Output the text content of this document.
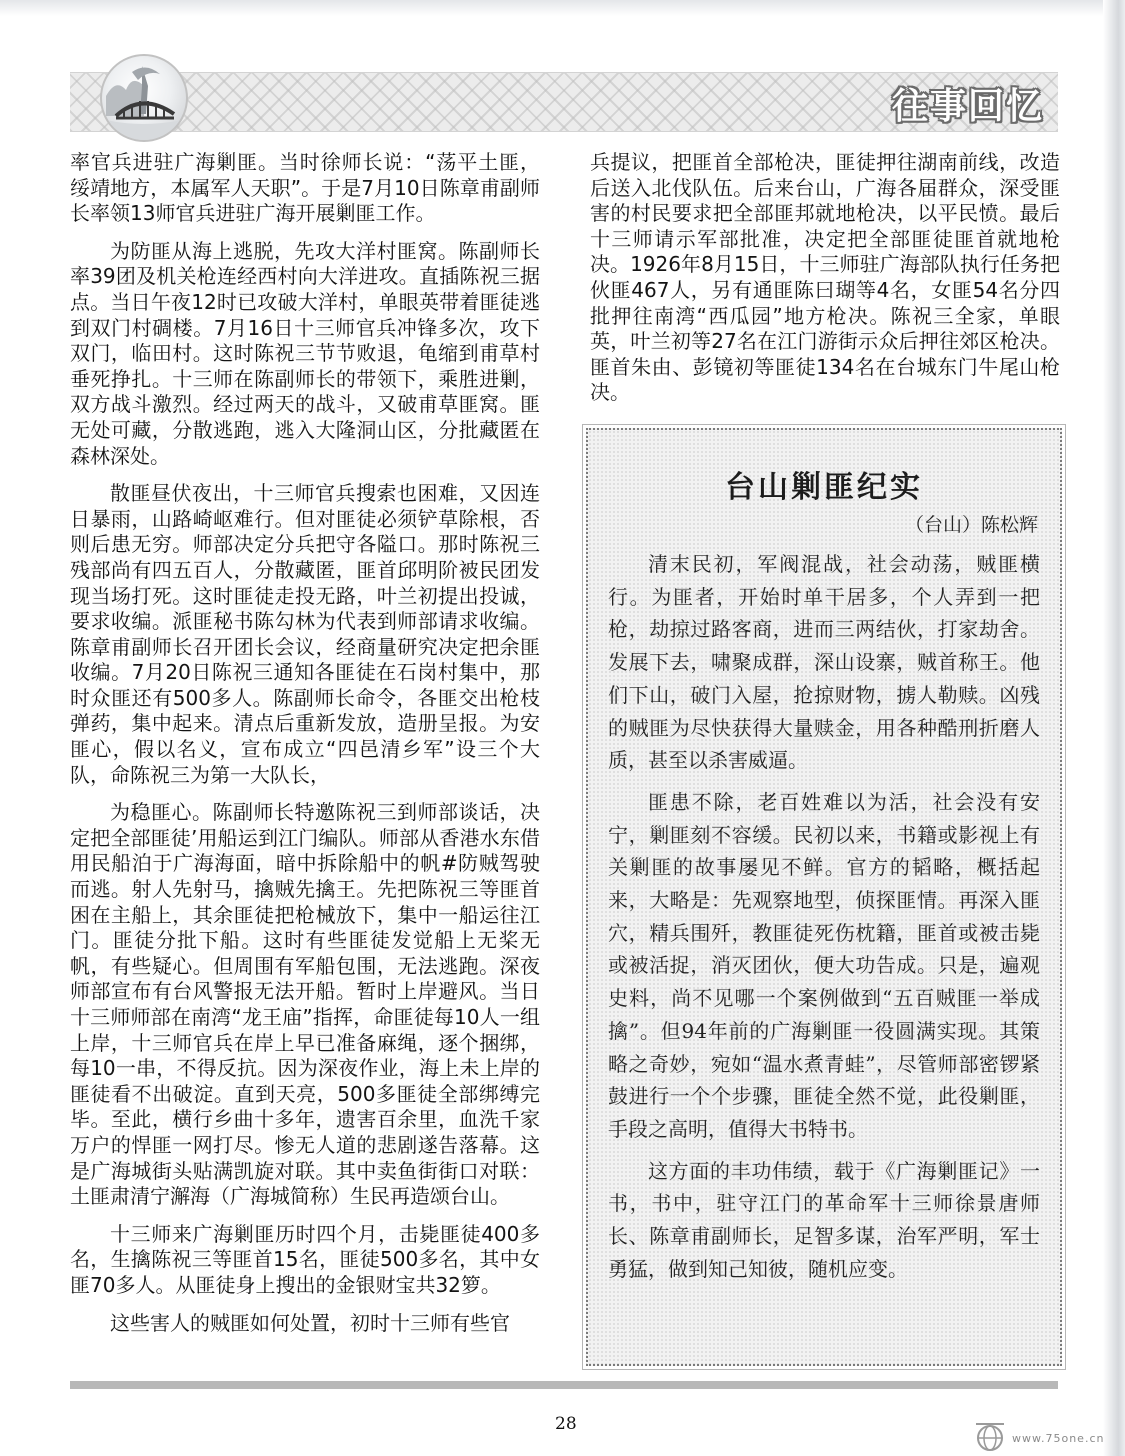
往事回忆

率官兵进驻广海剿匪。当时徐师长说：“荡平土匪，绥靖地方，本属军人天职”。于是7月10日陈章甫副师长率领13师官兵进驻广海开展剿匪工作。

为防匪从海上逃脱，先攻大洋村匪窝。陈副师长率39团及机关枪连经西村向大洋进攻。直插陈祝三据点。当日午夜12时已攻破大洋村，单眼英带着匪徒逃到双门村碉楼。7月16日十三师官兵冲锋多次，攻下双门，临田村。这时陈祝三节节败退，龟缩到甫草村垂死挣扎。十三师在陈副师长的带领下，乘胜进剿，双方战斗激烈。经过两天的战斗，又破甫草匪窝。匪无处可藏，分散逃跑，逃入大隆洞山区，分批藏匿在森林深处。

散匪昼伏夜出，十三师官兵搜索也困难，又因连日暴雨，山路崎岖难行。但对匪徒必须铲草除根，否则后患无穷。师部决定分兵把守各隘口。那时陈祝三残部尚有四五百人，分散藏匿，匪首邱明阶被民团发现当场打死。这时匪徒走投无路，叶兰初提出投诚，要求收编。派匪秘书陈勾林为代表到师部请求收编。陈章甫副师长召开团长会议，经商量研究决定把余匪收编。7月20日陈祝三通知各匪徒在石岗村集中，那时众匪还有500多人。陈副师长命令，各匪交出枪枝弹药，集中起来。清点后重新发放，造册呈报。为安匪心，假以名义，宣布成立“四邑清乡军”设三个大队，命陈祝三为第一大队长，

为稳匪心。陈副师长特邀陈祝三到师部谈话，决定把全部匪徒’用船运到江门编队。师部从香港水东借用民船泊于广海海面，暗中拆除船中的帆#防贼驾驶而逃。射人先射马，擒贼先擒王。先把陈祝三等匪首困在主船上，其余匪徒把枪械放下，集中一船运往江门。匪徒分批下船。这时有些匪徒发觉船上无桨无帆，有些疑心。但周围有军船包围，无法逃跑。深夜师部宣布有台风警报无法开船。暂时上岸避风。当日十三师师部在南湾“龙王庙”指挥，命匪徒每10人一组上岸，十三师官兵在岸上早已准备麻绳，逐个捆绑，每10一串，不得反抗。因为深夜作业，海上未上岸的匪徒看不出破淀。直到天亮，500多匪徒全部绑缚完毕。至此，横行乡曲十多年，遗害百余里，血洗千家万户的悍匪一网打尽。惨无人道的悲剧遂告落幕。这是广海城街头贴满凯旋对联。其中卖鱼街街口对联：土匪肃清宁澥海（广海城简称）生民再造颂台山。

十三师来广海剿匪历时四个月，击毙匪徒400多名，生擒陈祝三等匪首15名，匪徒500多名，其中女匪70多人。从匪徒身上搜出的金银财宝共32箩。

这些害人的贼匪如何处置，初时十三师有些官

兵提议，把匪首全部枪决，匪徒押往湖南前线，改造后送入北伐队伍。后来台山，广海各届群众，深受匪害的村民要求把全部匪邦就地枪决，以平民愤。最后十三师请示军部批准，决定把全部匪徒匪首就地枪决。1926年8月15日，十三师驻广海部队执行任务把伙匪467人，另有通匪陈曰瑚等4名，女匪54名分四批押往南湾“西瓜园”地方枪决。陈祝三全家，单眼英，叶兰初等27名在江门游街示众后押往郊区枪决。匪首朱由、彭镜初等匪徒134名在台城东门牛尾山枪决。

台山剿匪纪实
（台山）陈松辉

清末民初，军阀混战，社会动荡，贼匪横行。为匪者，开始时单干居多，个人弄到一把枪，劫掠过路客商，进而三两结伙，打家劫舍。发展下去，啸聚成群，深山设寨，贼首称王。他们下山，破门入屋，抢掠财物，掳人勒赎。凶残的贼匪为尽快获得大量赎金，用各种酷刑折磨人质，甚至以杀害威逼。

匪患不除，老百姓难以为活，社会没有安宁，剿匪刻不容缓。民初以来，书籍或影视上有关剿匪的故事屡见不鲜。官方的韬略，概括起来，大略是：先观察地型，侦探匪情。再深入匪穴，精兵围歼，教匪徒死伤枕籍，匪首或被击毙或被活捉，消灭团伙，便大功告成。只是，遍观史料，尚不见哪一个案例做到“五百贼匪一举成擒”。但94年前的广海剿匪一役圆满实现。其策略之奇妙，宛如“温水煮青蛙”，尽管师部密锣紧鼓进行一个个步骤，匪徒全然不觉，此役剿匪，手段之高明，值得大书特书。

这方面的丰功伟绩，载于《广海剿匪记》一书，书中，驻守江门的革命军十三师徐景唐师长、陈章甫副师长，足智多谋，治军严明，军士勇猛，做到知己知彼，随机应变。

28
www.75one.cn
